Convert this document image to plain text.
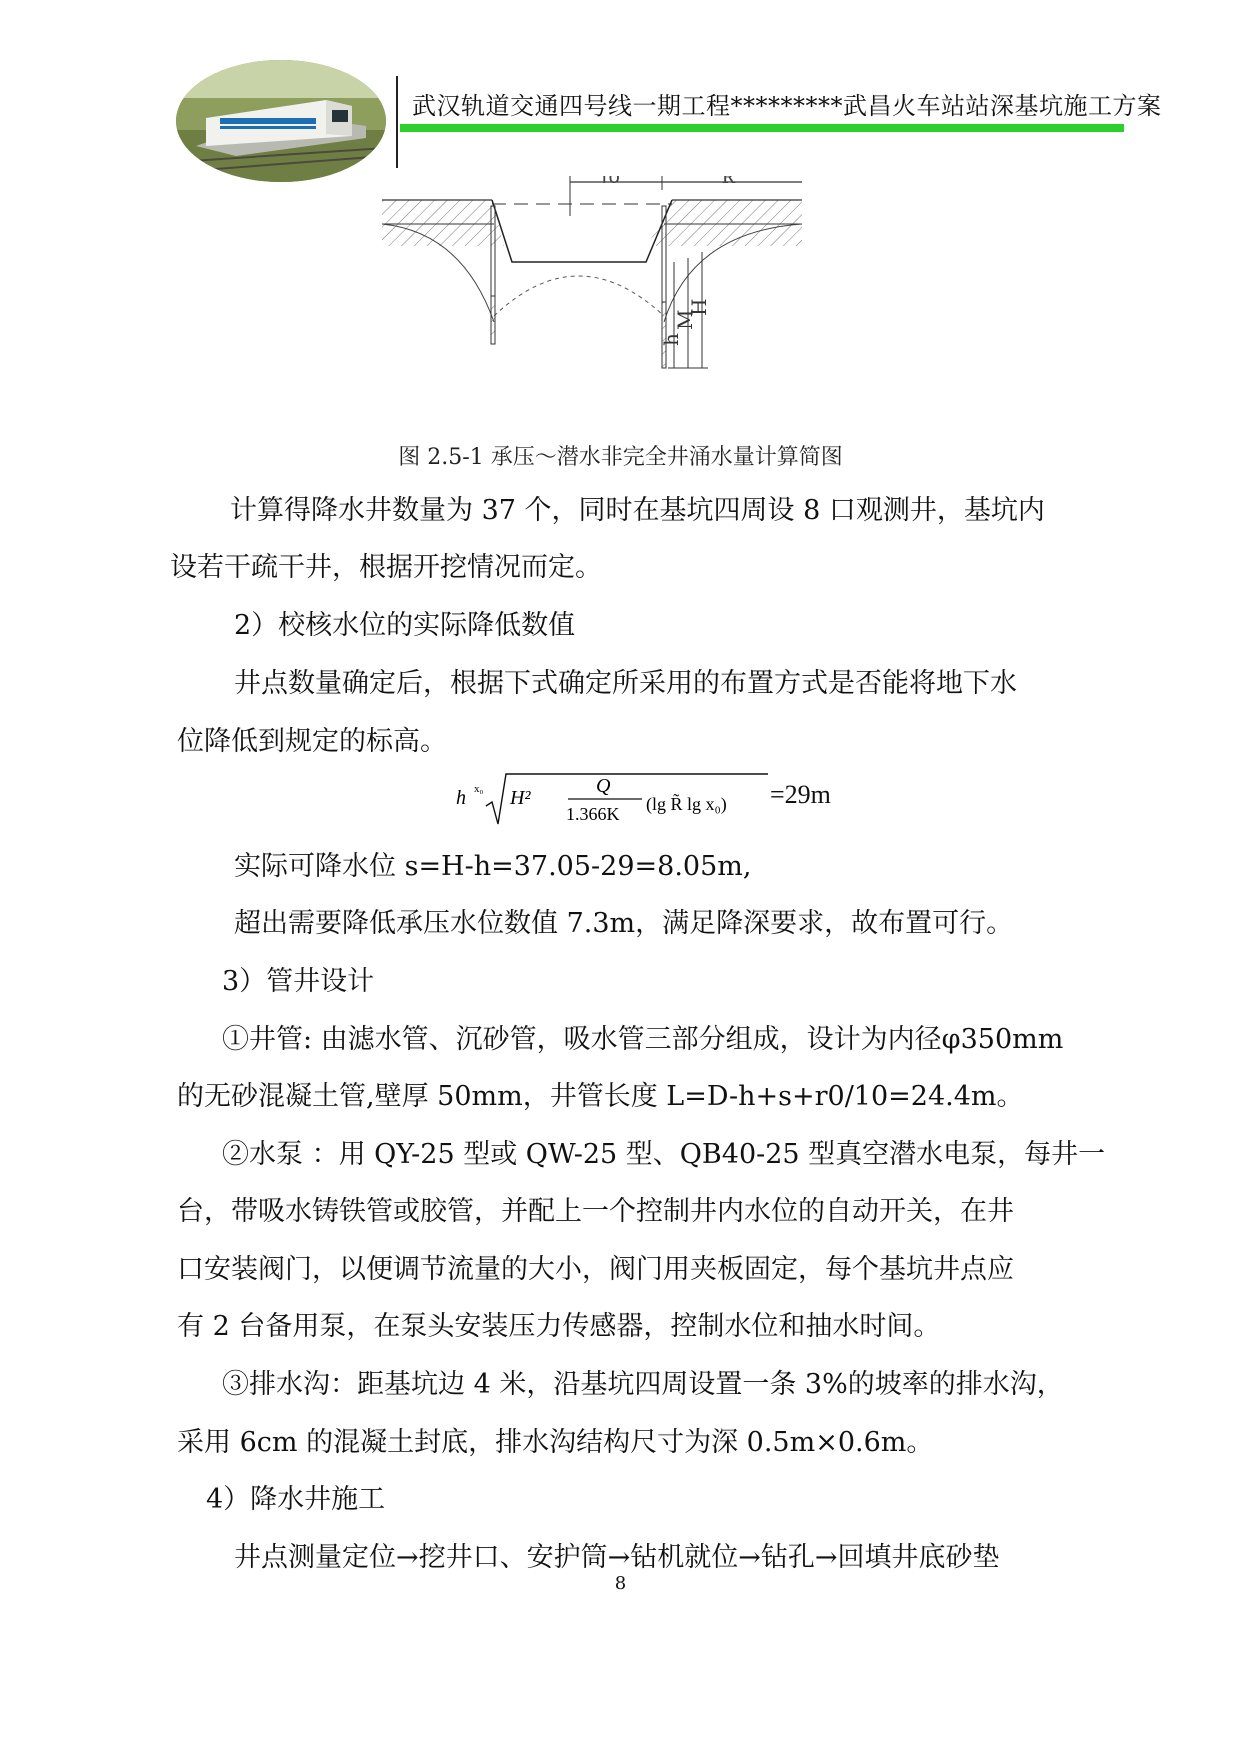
武汉轨道交通四号线一期工程*********武昌火车站站深基坑施工方案
ro	R
h
M
H
图 2.5-1 承压～潜水非完全井涌水量计算简图
计算得降水井数量为 37 个，同时在基坑四周设 8 口观测井，基坑内
设若干疏干井，根据开挖情况而定。
2）校核水位的实际降低数值
井点数量确定后，根据下式确定所采用的布置方式是否能将地下水
位降低到规定的标高。
h x₀ H²
Q
1.366K (lg R̃ lg x₀) =29m
实际可降水位 s=H-h=37.05-29=8.05m,
超出需要降低承压水位数值 7.3m，满足降深要求，故布置可行。
3）管井设计
①井管: 由滤水管、沉砂管，吸水管三部分组成，设计为内径φ350mm
的无砂混凝土管,壁厚 50mm，井管长度 L=D-h+s+r0/10=24.4m。
②水泵 ：用 QY-25 型或 QW-25 型、QB40-25 型真空潜水电泵，每井一
台，带吸水铸铁管或胶管，并配上一个控制井内水位的自动开关，在井
口安装阀门，以便调节流量的大小，阀门用夹板固定，每个基坑井点应
有 2 台备用泵，在泵头安装压力传感器，控制水位和抽水时间。
③排水沟：距基坑边 4 米，沿基坑四周设置一条 3%的坡率的排水沟，
采用 6cm 的混凝土封底，排水沟结构尺寸为深 0.5m×0.6m。
4）降水井施工
井点测量定位→挖井口、安护筒→钻机就位→钻孔→回填井底砂垫
8
